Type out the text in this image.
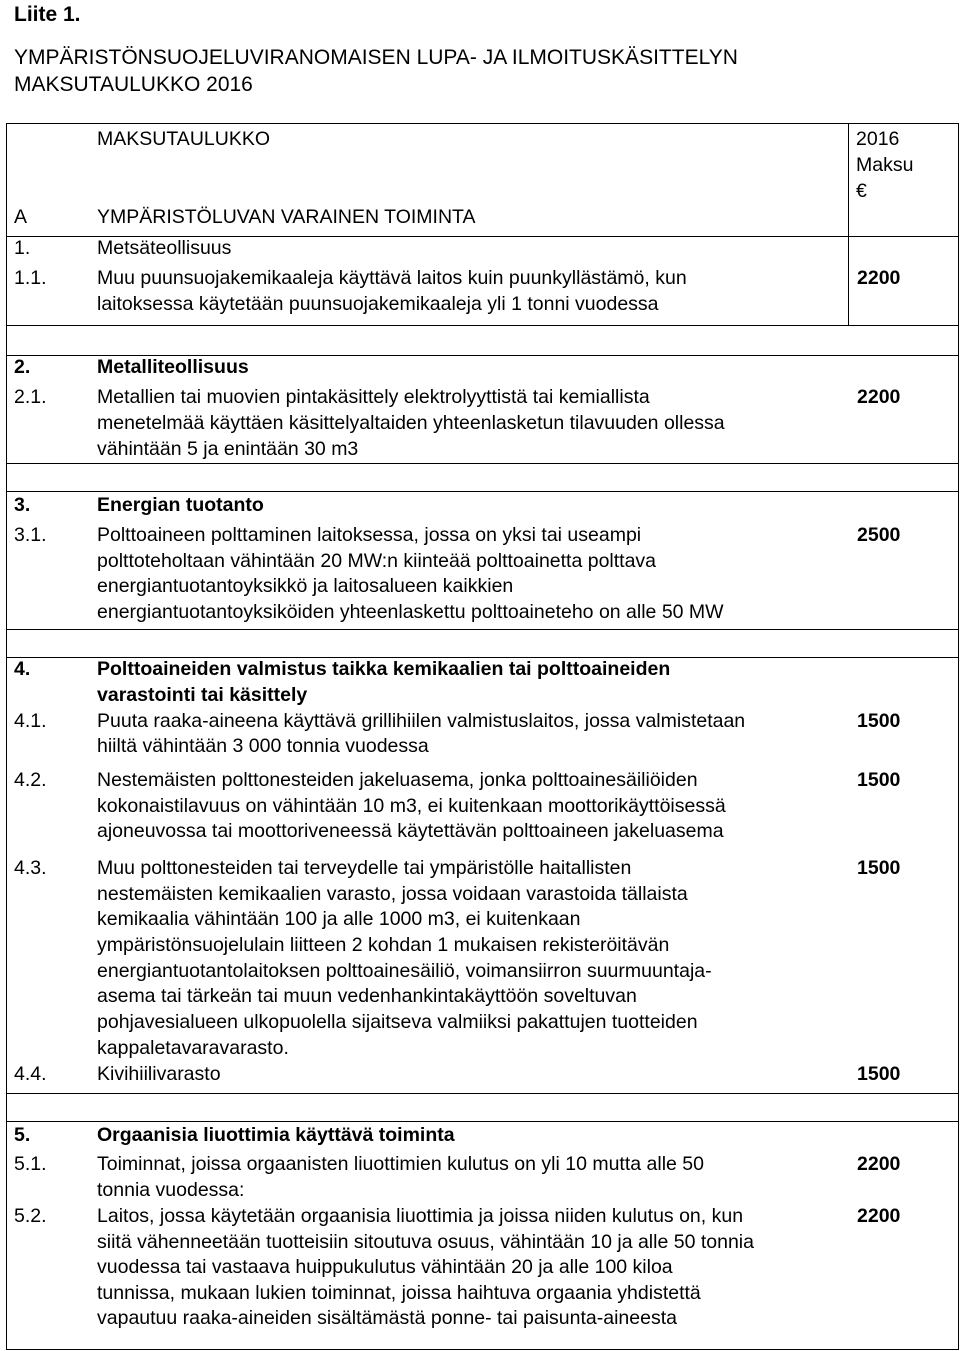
Liite 1.
YMPÄRISTÖNSUOJELUVIRANOMAISEN LUPA- JA ILMOITUSKÄSITTELYN
MAKSUTAULUKKO 2016
MAKSUTAULUKKO	2016
Maksu
€
A	YMPÄRISTÖLUVAN VARAINEN TOIMINTA
1.	Metsäteollisuus
1.1.	Muu puunsuojakemikaaleja käyttävä laitos kuin puunkyllästämö, kun
laitoksessa käytetään puunsuojakemikaaleja yli 1 tonni vuodessa
2200
2.	Metalliteollisuus
2.1.	Metallien tai muovien pintakäsittely elektrolyyttistä tai kemiallista
menetelmää käyttäen käsittelyaltaiden yhteenlasketun tilavuuden ollessa
vähintään 5 ja enintään 30 m3
2200
3.	Energian tuotanto
3.1.	Polttoaineen polttaminen laitoksessa, jossa on yksi tai useampi
polttoteholtaan vähintään 20 MW:n kiinteää polttoainetta polttava
energiantuotantoyksikkö ja laitosalueen kaikkien
energiantuotantoyksiköiden yhteenlaskettu polttoaineteho on alle 50 MW
2500
4.	Polttoaineiden valmistus taikka kemikaalien tai polttoaineiden
varastointi tai käsittely
4.1.	Puuta raaka-aineena käyttävä grillihiilen valmistuslaitos, jossa valmistetaan
hiiltä vähintään 3 000 tonnia vuodessa
1500
4.2.	Nestemäisten polttonesteiden jakeluasema, jonka polttoainesäiliöiden
kokonaistilavuus on vähintään 10 m3, ei kuitenkaan moottorikäyttöisessä
ajoneuvossa tai moottoriveneessä käytettävän polttoaineen jakeluasema
1500
4.3.	Muu polttonesteiden tai terveydelle tai ympäristölle haitallisten
nestemäisten kemikaalien varasto, jossa voidaan varastoida tällaista
kemikaalia vähintään 100 ja alle 1000 m3, ei kuitenkaan
ympäristönsuojelulain liitteen 2 kohdan 1 mukaisen rekisteröitävän
energiantuotantolaitoksen polttoainesäiliö, voimansiirron suurmuuntaja-
asema tai tärkeän tai muun vedenhankintakäyttöön soveltuvan
pohjavesialueen ulkopuolella sijaitseva valmiiksi pakattujen tuotteiden
kappaletavaravarasto.
1500
4.4.	Kivihiilivarasto	1500
5.	Orgaanisia liuottimia käyttävä toiminta
5.1.	Toiminnat, joissa orgaanisten liuottimien kulutus on yli 10 mutta alle 50
tonnia vuodessa:
2200
5.2.	Laitos, jossa käytetään orgaanisia liuottimia ja joissa niiden kulutus on, kun
siitä vähenneetään tuotteisiin sitoutuva osuus, vähintään 10 ja alle 50 tonnia
vuodessa tai vastaava huippukulutus vähintään 20 ja alle 100 kiloa
tunnissa, mukaan lukien toiminnat, joissa haihtuva orgaania yhdistettä
vapautuu raaka-aineiden sisältämästä ponne- tai paisunta-aineesta
2200
